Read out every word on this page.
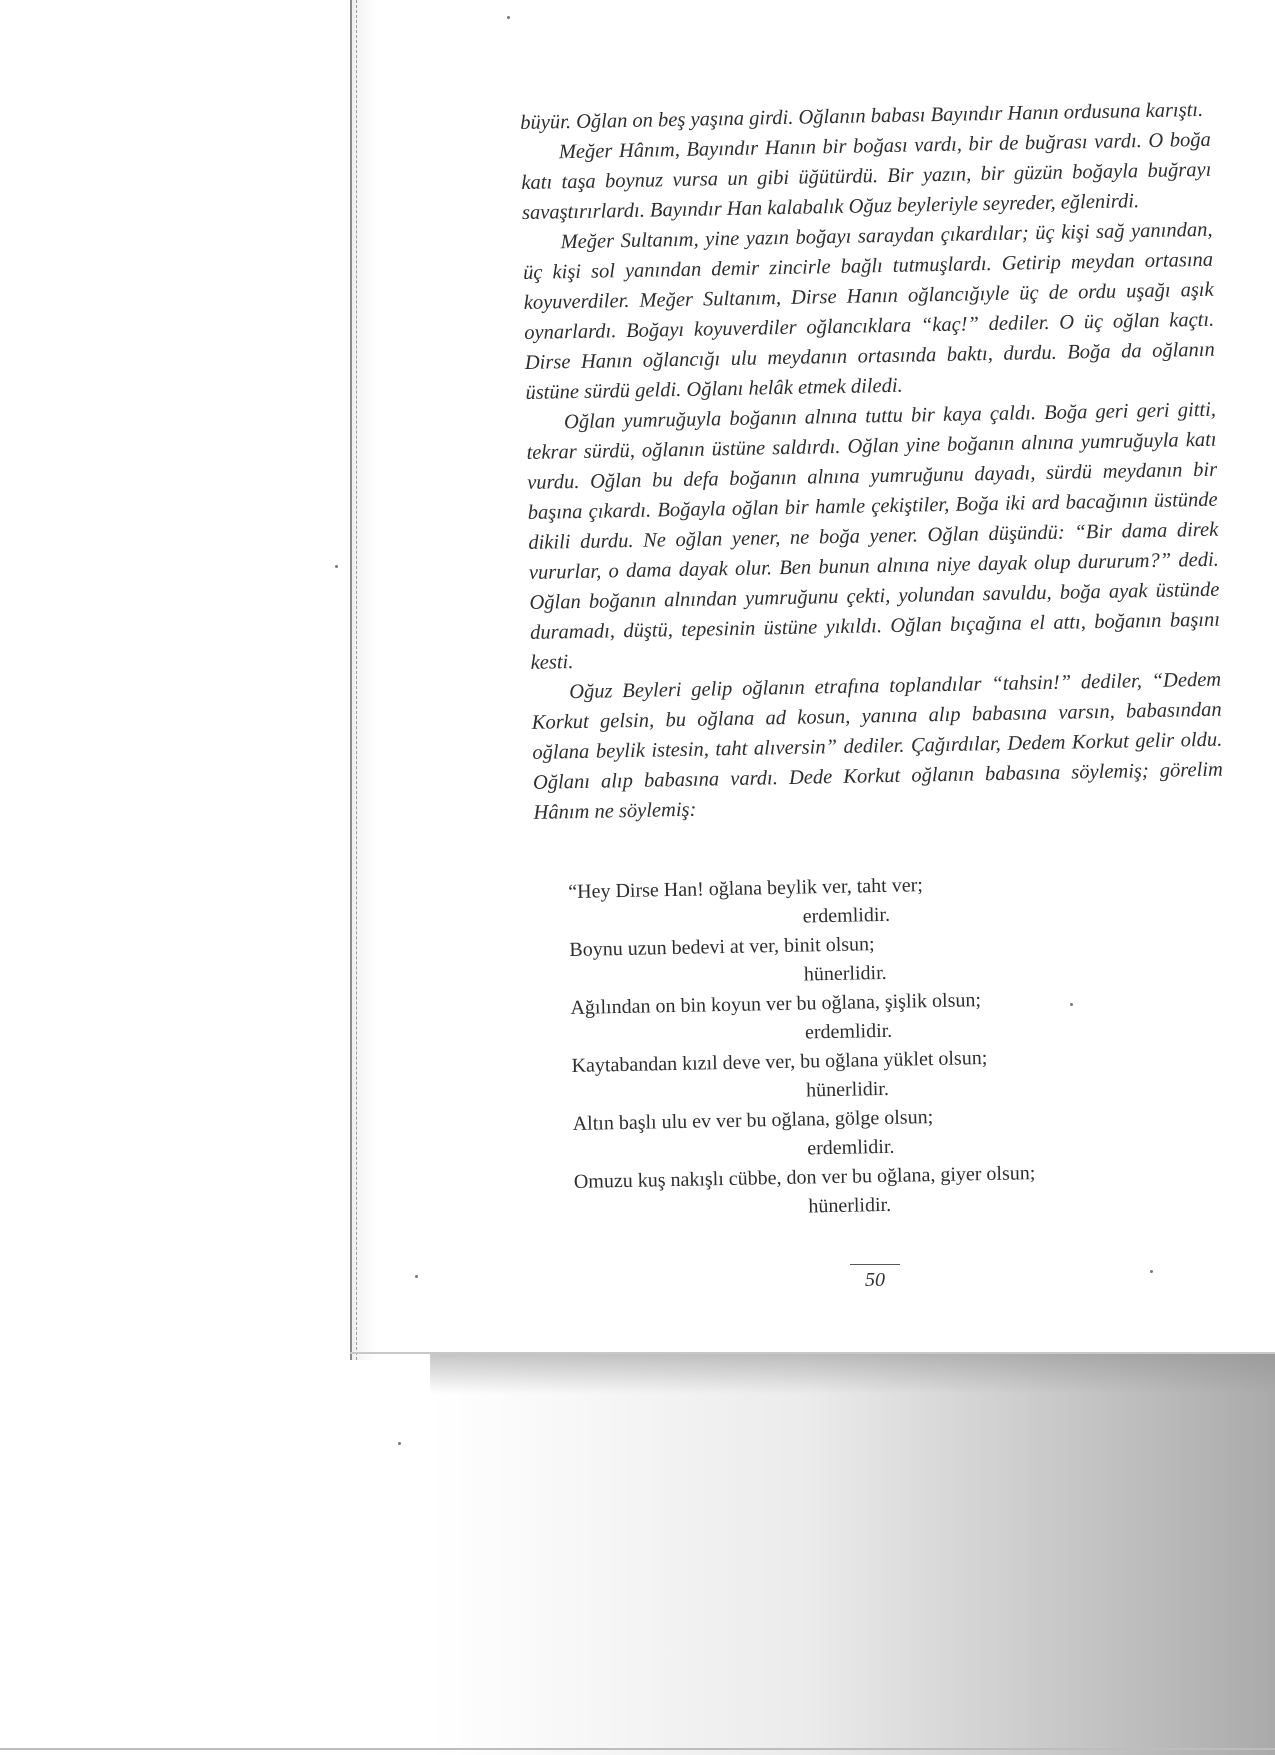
büyür. Oğlan on beş yaşına girdi. Oğlanın babası Bayındır Hanın ordusuna karıştı.

Meğer Hânım, Bayındır Hanın bir boğası vardı, bir de buğrası vardı. O boğa katı taşa boynuz vursa un gibi üğütürdü. Bir yazın, bir güzün boğayla buğrayı savaştırırlardı. Bayındır Han kalabalık Oğuz beyleriyle seyreder, eğlenirdi.

Meğer Sultanım, yine yazın boğayı saraydan çıkardılar; üç kişi sağ yanından, üç kişi sol yanından demir zincirle bağlı tutmuşlardı. Getirip meydan ortasına koyuverdiler. Meğer Sultanım, Dirse Hanın oğlancığıyle üç de ordu uşağı aşık oynarlardı. Boğayı koyuverdiler oğlancıklara “kaç!” dediler. O üç oğlan kaçtı. Dirse Hanın oğlancığı ulu meydanın ortasında baktı, durdu. Boğa da oğlanın üstüne sürdü geldi. Oğlanı helâk etmek diledi.

Oğlan yumruğuyla boğanın alnına tuttu bir kaya çaldı. Boğa geri geri gitti, tekrar sürdü, oğlanın üstüne saldırdı. Oğlan yine boğanın alnına yumruğuyla katı vurdu. Oğlan bu defa boğanın alnına yumruğunu dayadı, sürdü meydanın bir başına çıkardı. Boğayla oğlan bir hamle çekiştiler, Boğa iki ard bacağının üstünde dikili durdu. Ne oğlan yener, ne boğa yener. Oğlan düşündü: “Bir dama direk vururlar, o dama dayak olur. Ben bunun alnına niye dayak olup dururum?” dedi. Oğlan boğanın alnından yumruğunu çekti, yolundan savuldu, boğa ayak üstünde duramadı, düştü, tepesinin üstüne yıkıldı. Oğlan bıçağına el attı, boğanın başını kesti.

Oğuz Beyleri gelip oğlanın etrafına toplandılar “tahsin!” dediler, “Dedem Korkut gelsin, bu oğlana ad kosun, yanına alıp babasına varsın, babasından oğlana beylik istesin, taht alıversin” dediler. Çağırdılar, Dedem Korkut gelir oldu. Oğlanı alıp babasına vardı. Dede Korkut oğlanın babasına söylemiş; görelim Hânım ne söylemiş:

“Hey Dirse Han! oğlana beylik ver, taht ver;
erdemlidir.
Boynu uzun bedevi at ver, binit olsun;
hünerlidir.
Ağılından on bin koyun ver bu oğlana, şişlik olsun;
erdemlidir.
Kaytabandan kızıl deve ver, bu oğlana yüklet olsun;
hünerlidir.
Altın başlı ulu ev ver bu oğlana, gölge olsun;
erdemlidir.
Omuzu kuş nakışlı cübbe, don ver bu oğlana, giyer olsun;
hünerlidir.
50
